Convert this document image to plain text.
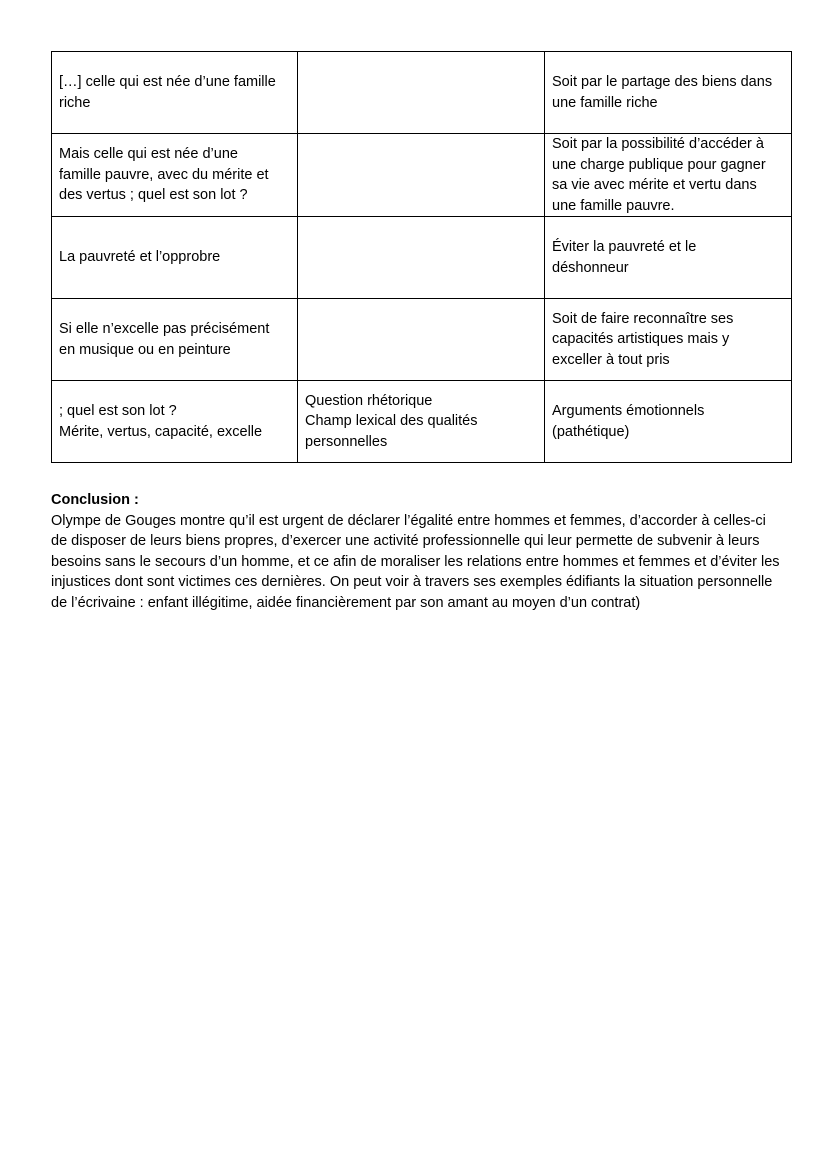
[…] celle qui est née d’une famille
riche		Soit par le partage des biens dans
une famille riche

Mais celle qui est née d’une
famille pauvre, avec du mérite et
des vertus ; quel est son lot ?		Soit par la possibilité d’accéder à
une charge publique pour gagner
sa vie avec mérite et vertu dans
une famille pauvre.

La pauvreté et l’opprobre		Éviter la pauvreté et le
déshonneur

Si elle n’excelle pas précisément
en musique ou en peinture		Soit de faire reconnaître ses
capacités artistiques mais y
exceller à tout pris

; quel est son lot ?
Mérite, vertus, capacité, excelle	Question rhétorique
Champ lexical des qualités
personnelles	Arguments émotionnels
(pathétique)
Conclusion :

Olympe de Gouges montre qu’il est urgent de déclarer l’égalité entre hommes et femmes, d’accorder à celles-ci de disposer de leurs biens propres, d’exercer une activité professionnelle qui leur permette de subvenir à leurs besoins sans le secours d’un homme, et ce afin de moraliser les relations entre hommes et femmes et d’éviter les injustices dont sont victimes ces dernières. On peut voir à travers ses exemples édifiants la situation personnelle de l’écrivaine : enfant illégitime, aidée financièrement par son amant au moyen d’un contrat)
